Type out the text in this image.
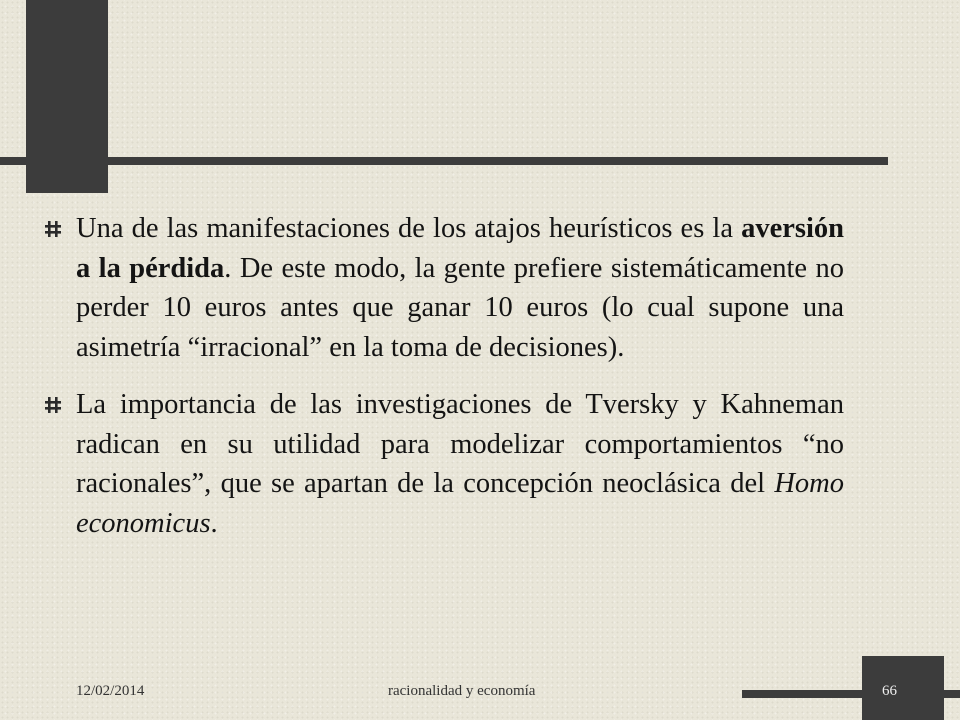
Una de las manifestaciones de los atajos heurísticos es la aversión a la pérdida. De este modo, la gente prefiere sistemáticamente no perder 10 euros antes que ganar 10 euros (lo cual supone una asimetría “irracional” en la toma de decisiones).

La importancia de las investigaciones de Tversky y Kahneman radican en su utilidad para modelizar comportamientos “no racionales”, que se apartan de la concepción neoclásica del Homo economicus.

12/02/2014	racionalidad y economía	66
